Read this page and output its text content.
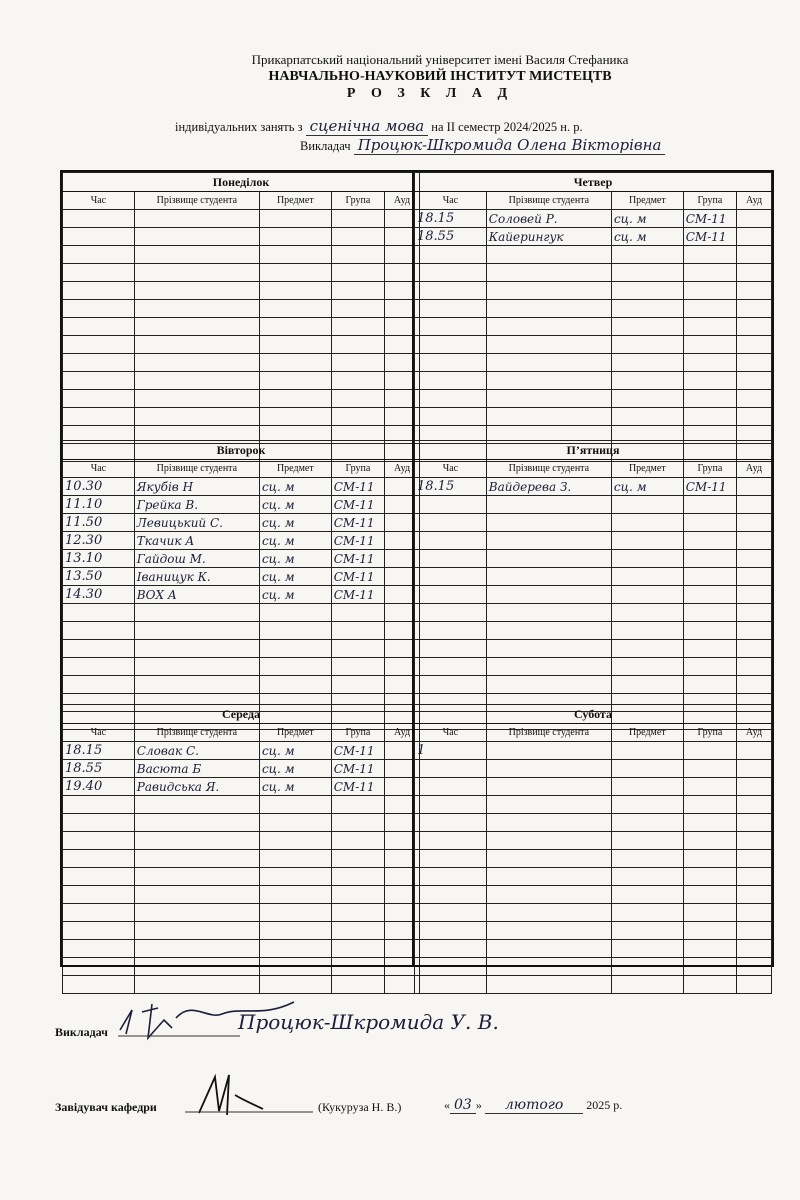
Прикарпатський національний університет імені Василя Стефаника
НАВЧАЛЬНО-НАУКОВИЙ ІНСТИТУТ МИСТЕЦТВ
Р О З К Л А Д
індивідуальних занять з сценічна мова на II семестр 2024/2025 н. р.
Викладач Процюк-Шкромида Олена Вікторівна
Понеділок				
Час	Прізвище студента	Предмет	Група	Ауд

Четвер				
Час	Прізвище студента	Предмет	Група	Ауд
18.15	Соловей Р.	сц. м	СМ-11	
18.55	Кайерингук	сц. м	СМ-11	

Вівторок				
Час	Прізвище студента	Предмет	Група	Ауд
10.30	Якубів Н	сц. м	СМ-11	
11.10	Грейка В.	сц. м	СМ-11	
11.50	Левицький С.	сц. м	СМ-11	
12.30	Ткачик А	сц. м	СМ-11	
13.10	Гайдош М.	сц. м	СМ-11	
13.50	Іваницук К.	сц. м	СМ-11	
14.30	ВОХ А	сц. м	СМ-11	

П’ятниця				
Час	Прізвище студента	Предмет	Група	Ауд
18.15	Вайдерева З.	сц. м	СМ-11	

Середа				
Час	Прізвище студента	Предмет	Група	Ауд
18.15	Словак С.	сц. м	СМ-11	
18.55	Васюта Б	сц. м	СМ-11	
19.40	Равидська Я.	сц. м	СМ-11	

Субота				
Час	Прізвище студента	Предмет	Група	Ауд
1				

Викладач	Процюк-Шкромида У. В.
Завідувач кафедри	(Кукуруза Н. В.)	« 03 » лютого 2025 р.
